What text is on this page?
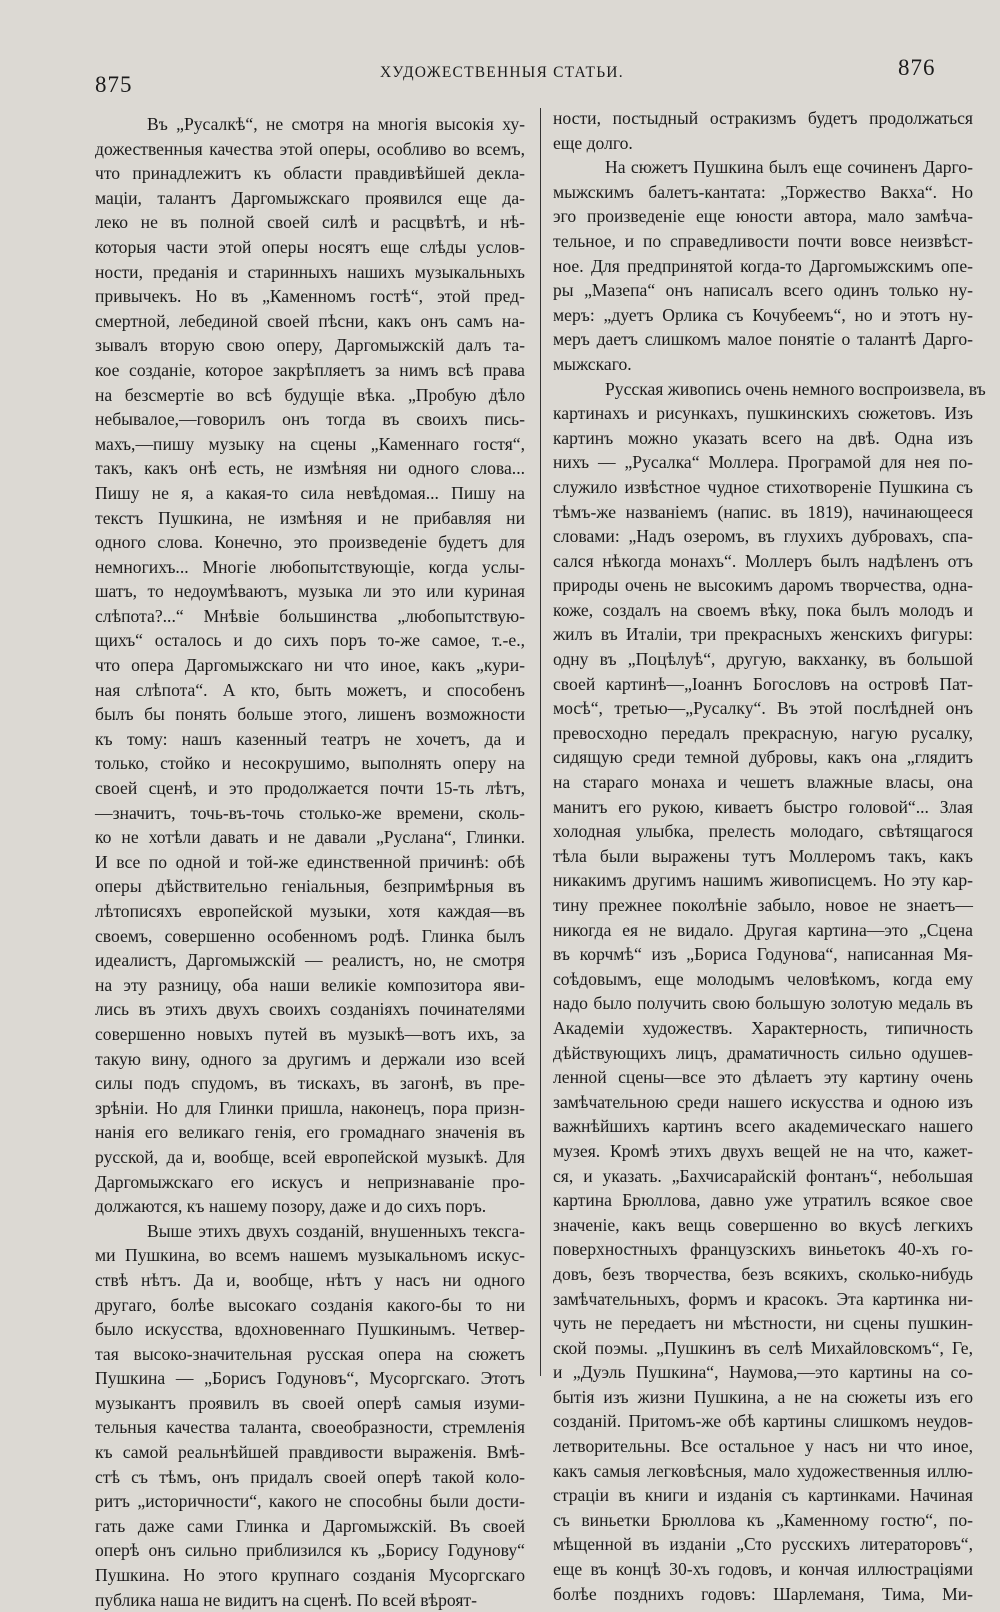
875	ХУДОЖЕСТВЕННЫЯ СТАТЬИ.	876
Въ „Русалкѣ“, не смотря на многія высокія ху-
дожественныя качества этой оперы, особливо во всемъ,
что принадлежитъ къ области правдивѣйшей декла-
маціи, талантъ Даргомыжскаго проявился еще да-
леко не въ полной своей силѣ и расцвѣтѣ, и нѣ-
которыя части этой оперы носятъ еще слѣды услов-
ности, преданія и старинныхъ нашихъ музыкальныхъ
привычекъ. Но въ „Каменномъ гостѣ“, этой пред-
смертной, лебединой своей пѣсни, какъ онъ самъ на-
зывалъ вторую свою оперу, Даргомыжскій далъ та-
кое созданіе, которое закрѣпляетъ за нимъ всѣ права
на безсмертіе во всѣ будущіе вѣка. „Пробую дѣло
небывалое,—говорилъ онъ тогда въ своихъ пись-
махъ,—пишу музыку на сцены „Каменнаго гостя“,
такъ, какъ онѣ есть, не измѣняя ни одного слова...
Пишу не я, а какая-то сила невѣдомая... Пишу на
текстъ Пушкина, не измѣняя и не прибавляя ни
одного слова. Конечно, это произведеніе будетъ для
немногихъ... Многіе любопытствующіе, когда услы-
шатъ, то недоумѣваютъ, музыка ли это или куриная
слѣпота?...“ Мнѣвіе большинства „любопытствую-
щихъ“ осталось и до сихъ поръ то-же самое, т.-е.,
что опера Даргомыжскаго ни что иное, какъ „кури-
ная слѣпота“. А кто, быть можетъ, и способенъ
былъ бы понять больше этого, лишенъ возможности
къ тому: нашъ казенный театръ не хочетъ, да и
только, стойко и несокрушимо, выполнять оперу на
своей сценѣ, и это продолжается почти 15-ть лѣтъ,
—значитъ, точь-въ-точь столько-же времени, сколь-
ко не хотѣли давать и не давали „Руслана“, Глинки.
И все по одной и той-же единственной причинѣ: обѣ
оперы дѣйствительно геніальныя, безпримѣрныя въ
лѣтописяхъ европейской музыки, хотя каждая—въ
своемъ, совершенно особенномъ родѣ. Глинка былъ
идеалистъ, Даргомыжскій — реалистъ, но, не смотря
на эту разницу, оба наши великіе композитора яви-
лись въ этихъ двухъ своихъ созданіяхъ починателями
совершенно новыхъ путей въ музыкѣ—вотъ ихъ, за
такую вину, одного за другимъ и держали изо всей
силы подъ спудомъ, въ тискахъ, въ загонѣ, въ пре-
зрѣніи. Но для Глинки пришла, наконецъ, пора призн-
нанія его великаго генія, его громаднаго значенія въ
русской, да и, вообще, всей европейской музыкѣ. Для
Даргомыжскаго его искусъ и непризнаваніе про-
должаются, къ нашему позору, даже и до сихъ поръ.
Выше этихъ двухъ созданій, внушенныхъ тексга-
ми Пушкина, во всемъ нашемъ музыкальномъ искус-
ствѣ нѣтъ. Да и, вообще, нѣтъ у насъ ни одного
другаго, болѣе высокаго созданія какого-бы то ни
было искусства, вдохновеннаго Пушкинымъ. Четвер-
тая высоко-значительная русская опера на сюжетъ
Пушкина — „Борисъ Годуновъ“, Мусоргскаго. Этотъ
музыкантъ проявилъ въ своей оперѣ самыя изуми-
тельныя качества таланта, своеобразности, стремленія
къ самой реальнѣйшей правдивости выраженія. Вмѣ-
стѣ съ тѣмъ, онъ придалъ своей оперѣ такой коло-
ритъ „историчности“, какого не способны были дости-
гать даже сами Глинка и Даргомыжскій. Въ своей
оперѣ онъ сильно приблизился къ „Борису Годунову“
Пушкина. Но этого крупнаго созданія Мусоргскаго
публика наша не видитъ на сценѣ. По всей вѣроят-
ности, постыдный остракизмъ будетъ продолжаться
еще долго.
На сюжетъ Пушкина былъ еще сочиненъ Дарго-
мыжскимъ балетъ-кантата: „Торжество Вакха“. Но
эго произведеніе еще юности автора, мало замѣча-
тельное, и по справедливости почти вовсе неизвѣст-
ное. Для предпринятой когда-то Даргомыжскимъ опе-
ры „Мазепа“ онъ написалъ всего одинъ только ну-
меръ: „дуетъ Орлика съ Кочубеемъ“, но и этотъ ну-
меръ даетъ слишкомъ малое понятіе о талантѣ Дарго-
мыжскаго.
Русская живопись очень немного воспроизвела, въ
картинахъ и рисункахъ, пушкинскихъ сюжетовъ. Изъ
картинъ можно указать всего на двѣ. Одна изъ
нихъ — „Русалка“ Моллера. Програмой для нея по-
служило извѣстное чудное стихотвореніе Пушкина съ
тѣмъ-же названіемъ (напис. въ 1819), начинающееся
словами: „Надъ озеромъ, въ глухихъ дубровахъ, спа-
сался нѣкогда монахъ“. Моллеръ былъ надѣленъ отъ
природы очень не высокимъ даромъ творчества, одна-
коже, создалъ на своемъ вѣку, пока былъ молодъ и
жилъ въ Италіи, три прекрасныхъ женскихъ фигуры:
одну въ „Поцѣлуѣ“, другую, вакханку, въ большой
своей картинѣ—„Іоаннъ Богословъ на островѣ Пат-
мосѣ“, третью—„Русалку“. Въ этой послѣдней онъ
превосходно передалъ прекрасную, нагую русалку,
сидящую среди темной дубровы, какъ она „глядитъ
на стараго монаха и чешетъ влажные власы, она
манитъ его рукою, киваетъ быстро головой“... Злая
холодная улыбка, прелесть молодаго, свѣтящагося
тѣла были выражены тутъ Моллеромъ такъ, какъ
никакимъ другимъ нашимъ живописцемъ. Но эту кар-
тину прежнее поколѣніе забыло, новое не знаетъ—
никогда ея не видало. Другая картина—это „Сцена
въ корчмѣ“ изъ „Бориса Годунова“, написанная Мя-
соѣдовымъ, еще молодымъ человѣкомъ, когда ему
надо было получить свою большую золотую медаль въ
Академіи художествъ. Характерность, типичность
дѣйствующихъ лицъ, драматичность сильно одушев-
ленной сцены—все это дѣлаетъ эту картину очень
замѣчательною среди нашего искусства и одною изъ
важнѣйшихъ картинъ всего академическаго нашего
музея. Кромѣ этихъ двухъ вещей не на что, кажет-
ся, и указать. „Бахчисарайскій фонтанъ“, небольшая
картина Брюллова, давно уже утратилъ всякое свое
значеніе, какъ вещь совершенно во вкусѣ легкихъ
поверхностныхъ французскихъ виньетокъ 40-хъ го-
довъ, безъ творчества, безъ всякихъ, сколько-нибудь
замѣчательныхъ, формъ и красокъ. Эта картинка ни-
чуть не передаетъ ни мѣстности, ни сцены пушкин-
ской поэмы. „Пушкинъ въ селѣ Михайловскомъ“, Ге,
и „Дуэль Пушкина“, Наумова,—это картины на со-
бытія изъ жизни Пушкина, а не на сюжеты изъ его
созданій. Притомъ-же обѣ картины слишкомъ неудов-
летворительны. Все остальное у насъ ни что иное,
какъ самыя легковѣсныя, мало художественныя иллю-
страціи въ книги и изданія съ картинками. Начиная
съ виньетки Брюллова къ „Каменному гостю“, по-
мѣщенной въ изданіи „Сто русскихъ литераторовъ“,
еще въ концѣ 30-хъ годовъ, и кончая иллюстраціями
болѣе позднихъ годовъ: Шарлеманя, Тима, Ми-
